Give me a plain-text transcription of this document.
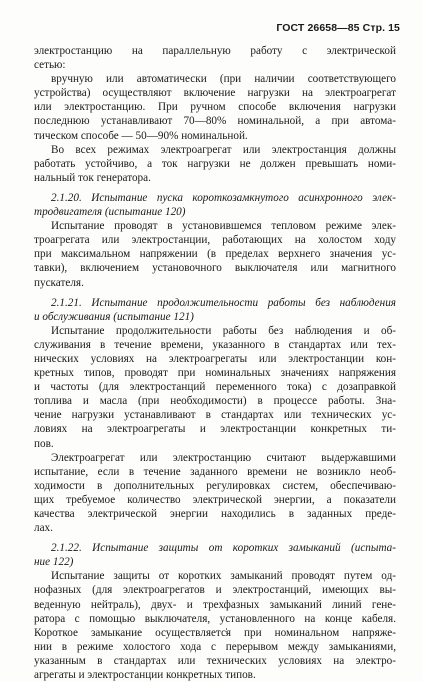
ГОСТ 26658—85 Стр. 15
электростанцию на параллельную работу с электрической
сетью:
вручную или автоматически (при наличии соответствующего
устройства) осуществляют включение нагрузки на электроагрегат
или электростанцию. При ручном способе включения нагрузки
последнюю устанавливают 70—80% номинальной, а при автома-
тическом способе — 50—90% номинальной.
Во всех режимах электроагрегат или электростанция должны
работать устойчиво, а ток нагрузки не должен превышать номи-
нальный ток генератора.
2.1.20. Испытание пуска короткозамкнутого асинхронного элек-
тродвигателя (испытание 120)
Испытание проводят в установившемся тепловом режиме элек-
троагрегата или электростанции, работающих на холостом ходу
при максимальном напряжении (в пределах верхнего значения ус-
тавки), включением установочного выключателя или магнитного
пускателя.
2.1.21. Испытание продолжительности работы без наблюдения
и обслуживания (испытание 121)
Испытание продолжительности работы без наблюдения и об-
служивания в течение времени, указанного в стандартах или тех-
нических условиях на электроагрегаты или электростанции кон-
кретных типов, проводят при номинальных значениях напряжения
и частоты (для электростанций переменного тока) с дозаправкой
топлива и масла (при необходимости) в процессе работы. Зна-
чение нагрузки устанавливают в стандартах или технических ус-
ловиях на электроагрегаты и электростанции конкретных ти-
пов.
Электроагрегат или электростанцию считают выдержавшими
испытание, если в течение заданного времени не возникло необ-
ходимости в дополнительных регулировках систем, обеспечиваю-
щих требуемое количество электрической энергии, а показатели
качества электрической энергии находились в заданных преде-
лах.
2.1.22. Испытание защиты от коротких замыканий (испыта-
ние 122)
Испытание защиты от коротких замыканий проводят путем од-
нофазных (для электроагрегатов и электростанций, имеющих вы-
веденную нейтраль), двух- и трехфазных замыканий линий гене-
ратора с помощью выключателя, установленного на конце кабеля.
Короткое замыкание осуществляется при номинальном напряже-
нии в режиме холостого хода с перерывом между замыканиями,
указанным в стандартах или технических условиях на электро-
агрегаты и электростанции конкретных типов.
